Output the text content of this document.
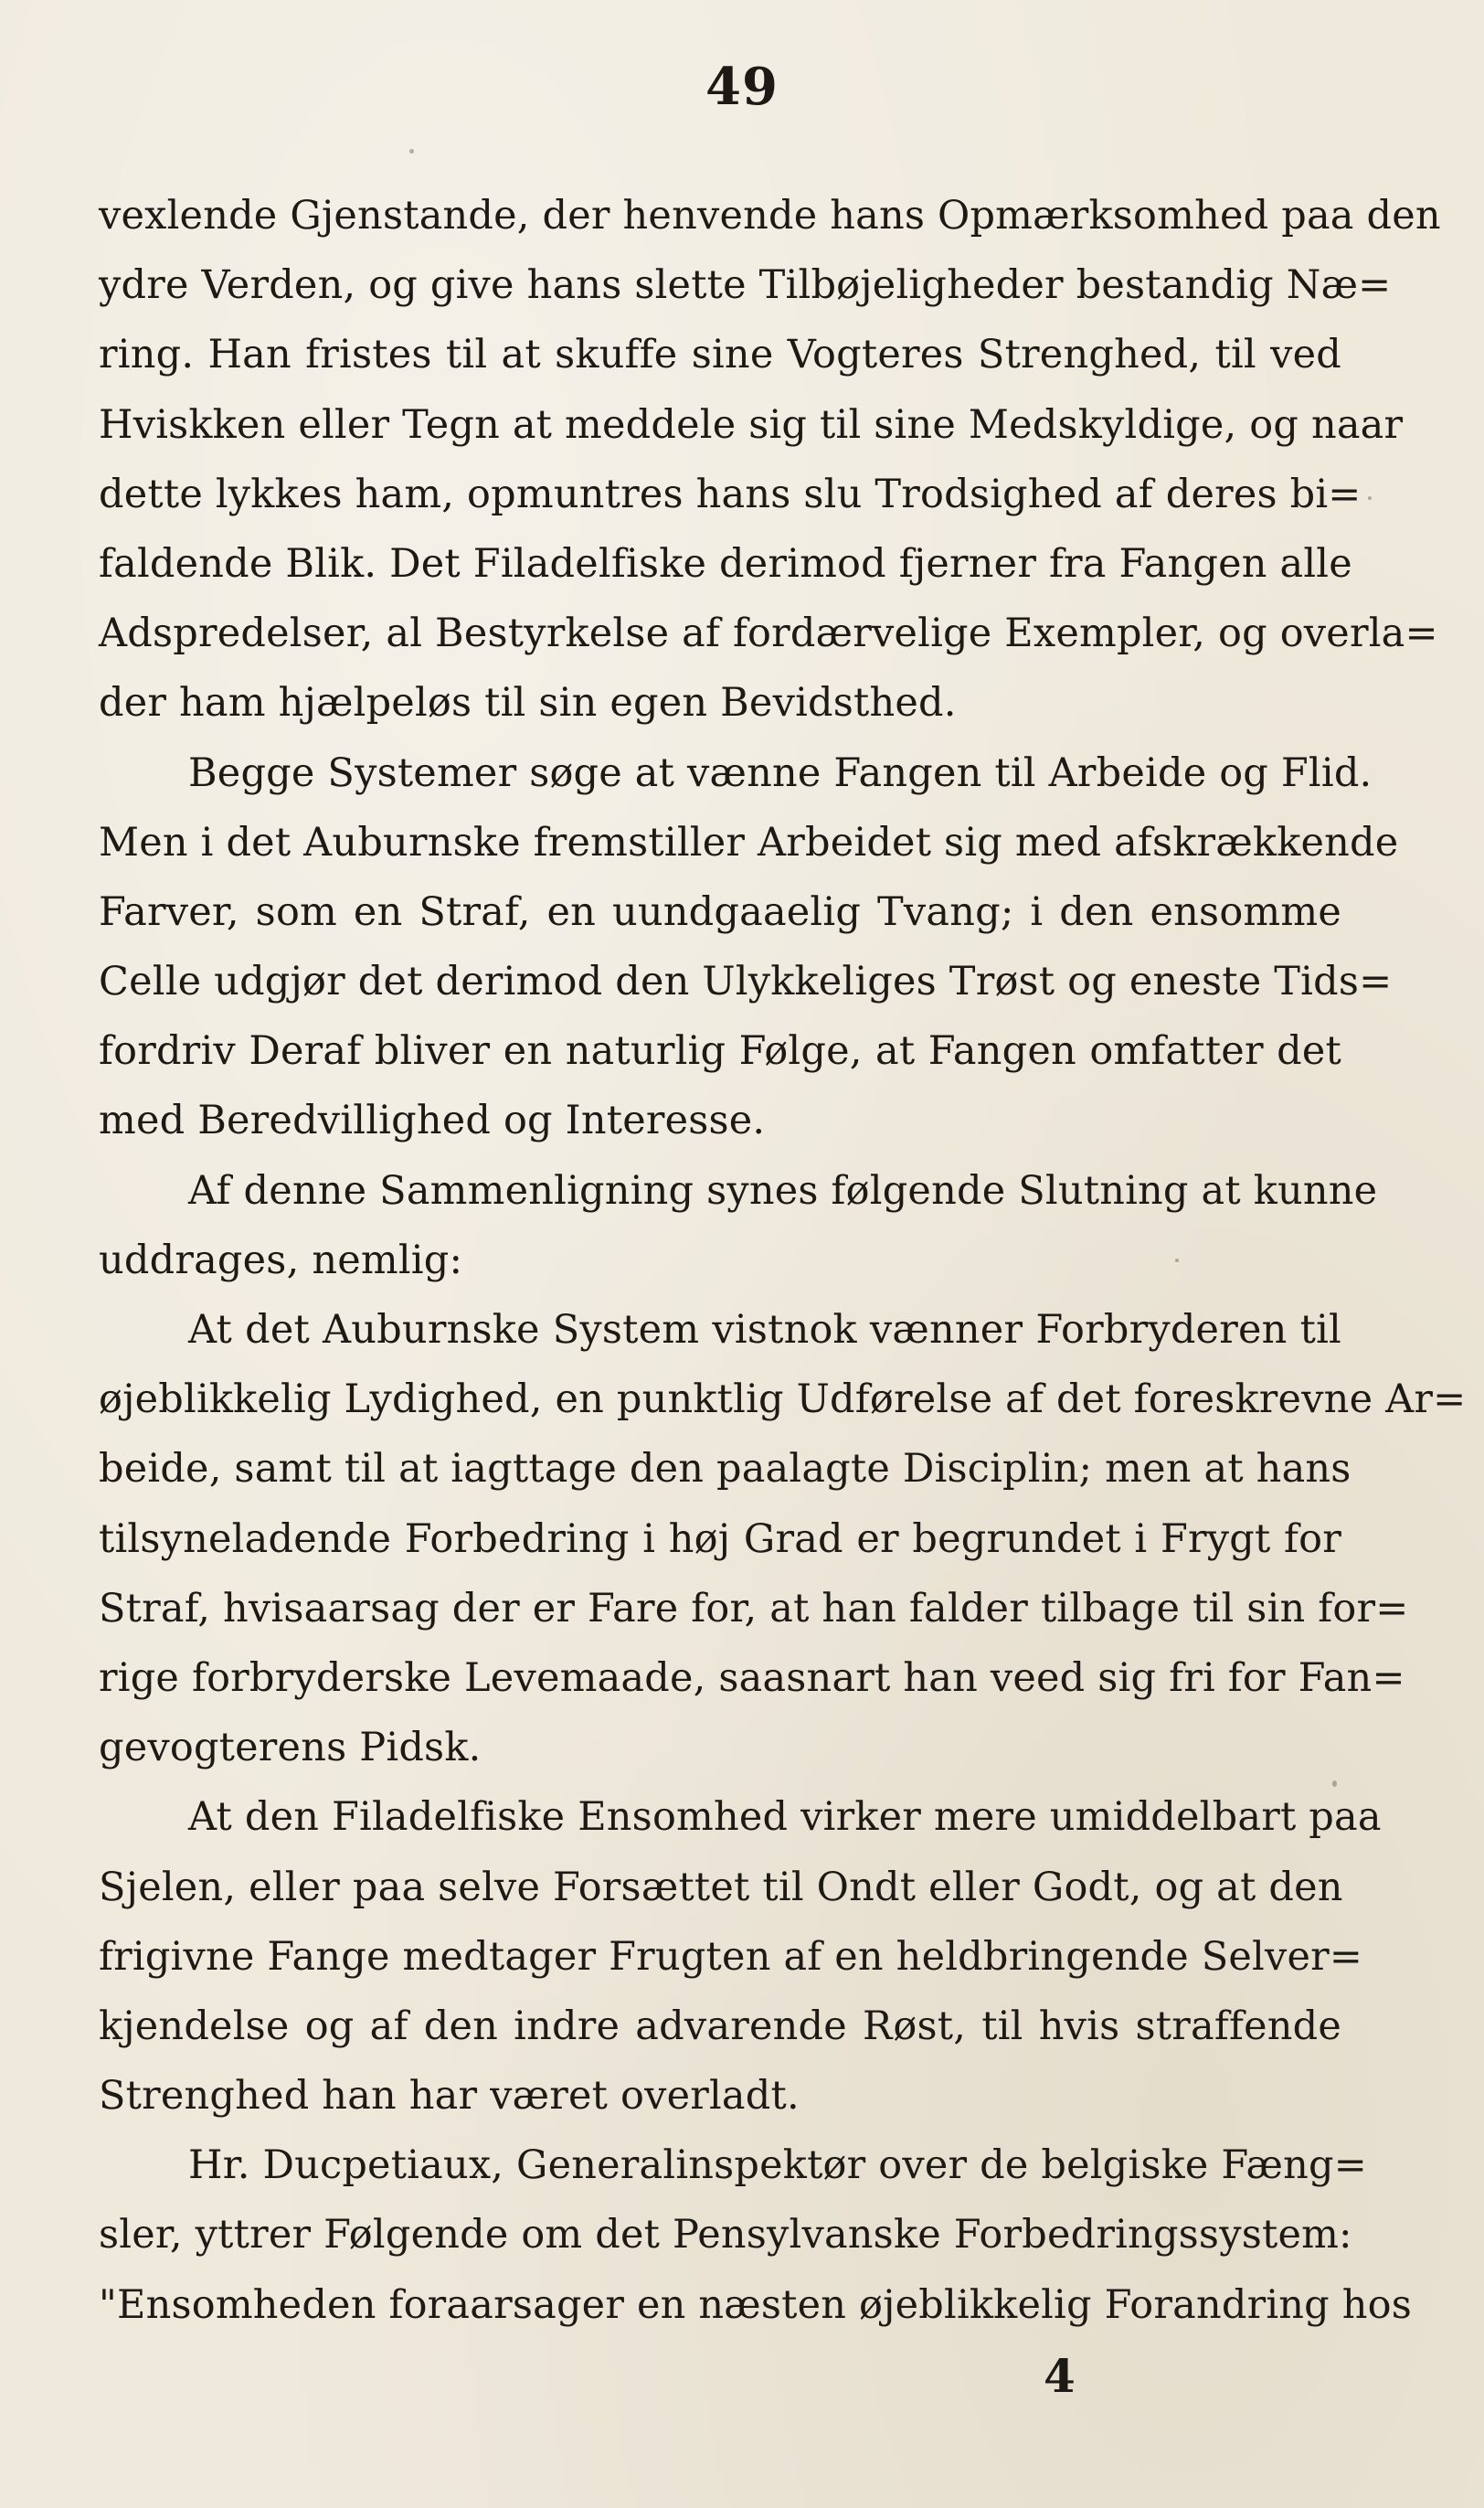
49
vexlende Gjenstande, der henvende hans Opmærksomhed paa den
ydre Verden, og give hans slette Tilbøjeligheder bestandig Næ=
ring. Han fristes til at skuffe sine Vogteres Strenghed, til ved
Hviskken eller Tegn at meddele sig til sine Medskyldige, og naar
dette lykkes ham, opmuntres hans slu Trodsighed af deres bi=
faldende Blik. Det Filadelfiske derimod fjerner fra Fangen alle
Adspredelser, al Bestyrkelse af fordærvelige Exempler, og overla=
der ham hjælpeløs til sin egen Bevidsthed.
Begge Systemer søge at vænne Fangen til Arbeide og Flid.
Men i det Auburnske fremstiller Arbeidet sig med afskrækkende
Farver, som en Straf, en uundgaaelig Tvang; i den ensomme
Celle udgjør det derimod den Ulykkeliges Trøst og eneste Tids=
fordriv Deraf bliver en naturlig Følge, at Fangen omfatter det
med Beredvillighed og Interesse.
Af denne Sammenligning synes følgende Slutning at kunne
uddrages, nemlig:
At det Auburnske System vistnok vænner Forbryderen til
øjeblikkelig Lydighed, en punktlig Udførelse af det foreskrevne Ar=
beide, samt til at iagttage den paalagte Disciplin; men at hans
tilsyneladende Forbedring i høj Grad er begrundet i Frygt for
Straf, hvisaarsag der er Fare for, at han falder tilbage til sin for=
rige forbryderske Levemaade, saasnart han veed sig fri for Fan=
gevogterens Pidsk.
At den Filadelfiske Ensomhed virker mere umiddelbart paa
Sjelen, eller paa selve Forsættet til Ondt eller Godt, og at den
frigivne Fange medtager Frugten af en heldbringende Selver=
kjendelse og af den indre advarende Røst, til hvis straffende
Strenghed han har været overladt.
Hr. Ducpetiaux, Generalinspektør over de belgiske Fæng=
sler, yttrer Følgende om det Pensylvanske Forbedringssystem:
"Ensomheden foraarsager en næsten øjeblikkelig Forandring hos
4
